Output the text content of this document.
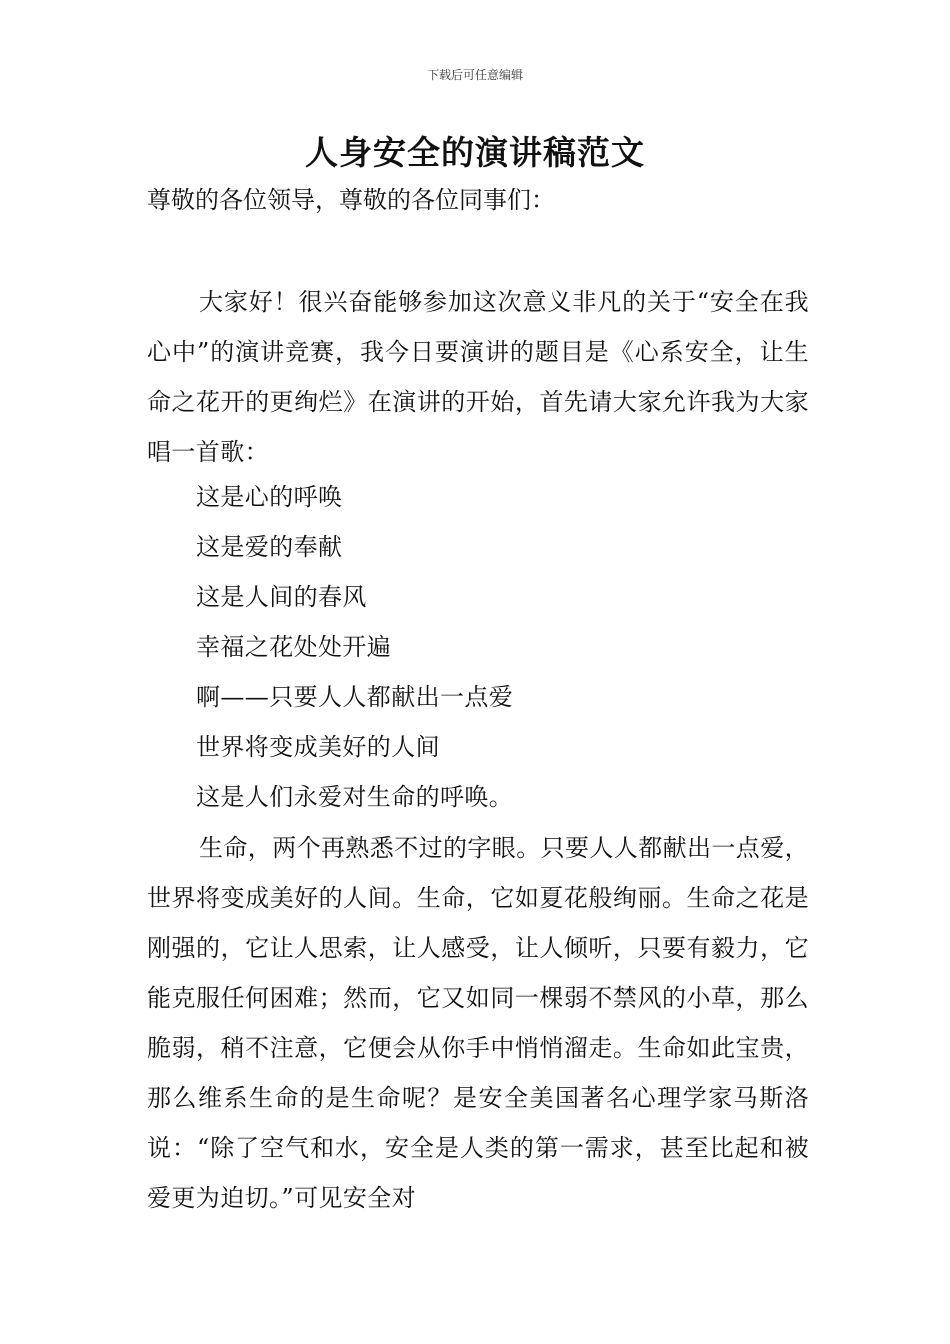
下载后可任意编辑
人身安全的演讲稿范文
尊敬的各位领导，尊敬的各位同事们：

大家好！很兴奋能够参加这次意义非凡的关于“安全在我心中”的演讲竞赛，我今日要演讲的题目是《心系安全，让生命之花开的更绚烂》在演讲的开始，首先请大家允许我为大家唱一首歌：

这是心的呼唤
这是爱的奉献
这是人间的春风
幸福之花处处开遍
啊——只要人人都献出一点爱
世界将变成美好的人间
这是人们永爱对生命的呼唤。

生命，两个再熟悉不过的字眼。只要人人都献出一点爱，世界将变成美好的人间。生命，它如夏花般绚丽。生命之花是刚强的，它让人思索，让人感受，让人倾听，只要有毅力，它能克服任何困难；然而，它又如同一棵弱不禁风的小草，那么脆弱，稍不注意，它便会从你手中悄悄溜走。生命如此宝贵，那么维系生命的是生命呢？是安全美国著名心理学家马斯洛说：“除了空气和水，安全是人类的第一需求，甚至比起和被爱更为迫切。”可见安全对
